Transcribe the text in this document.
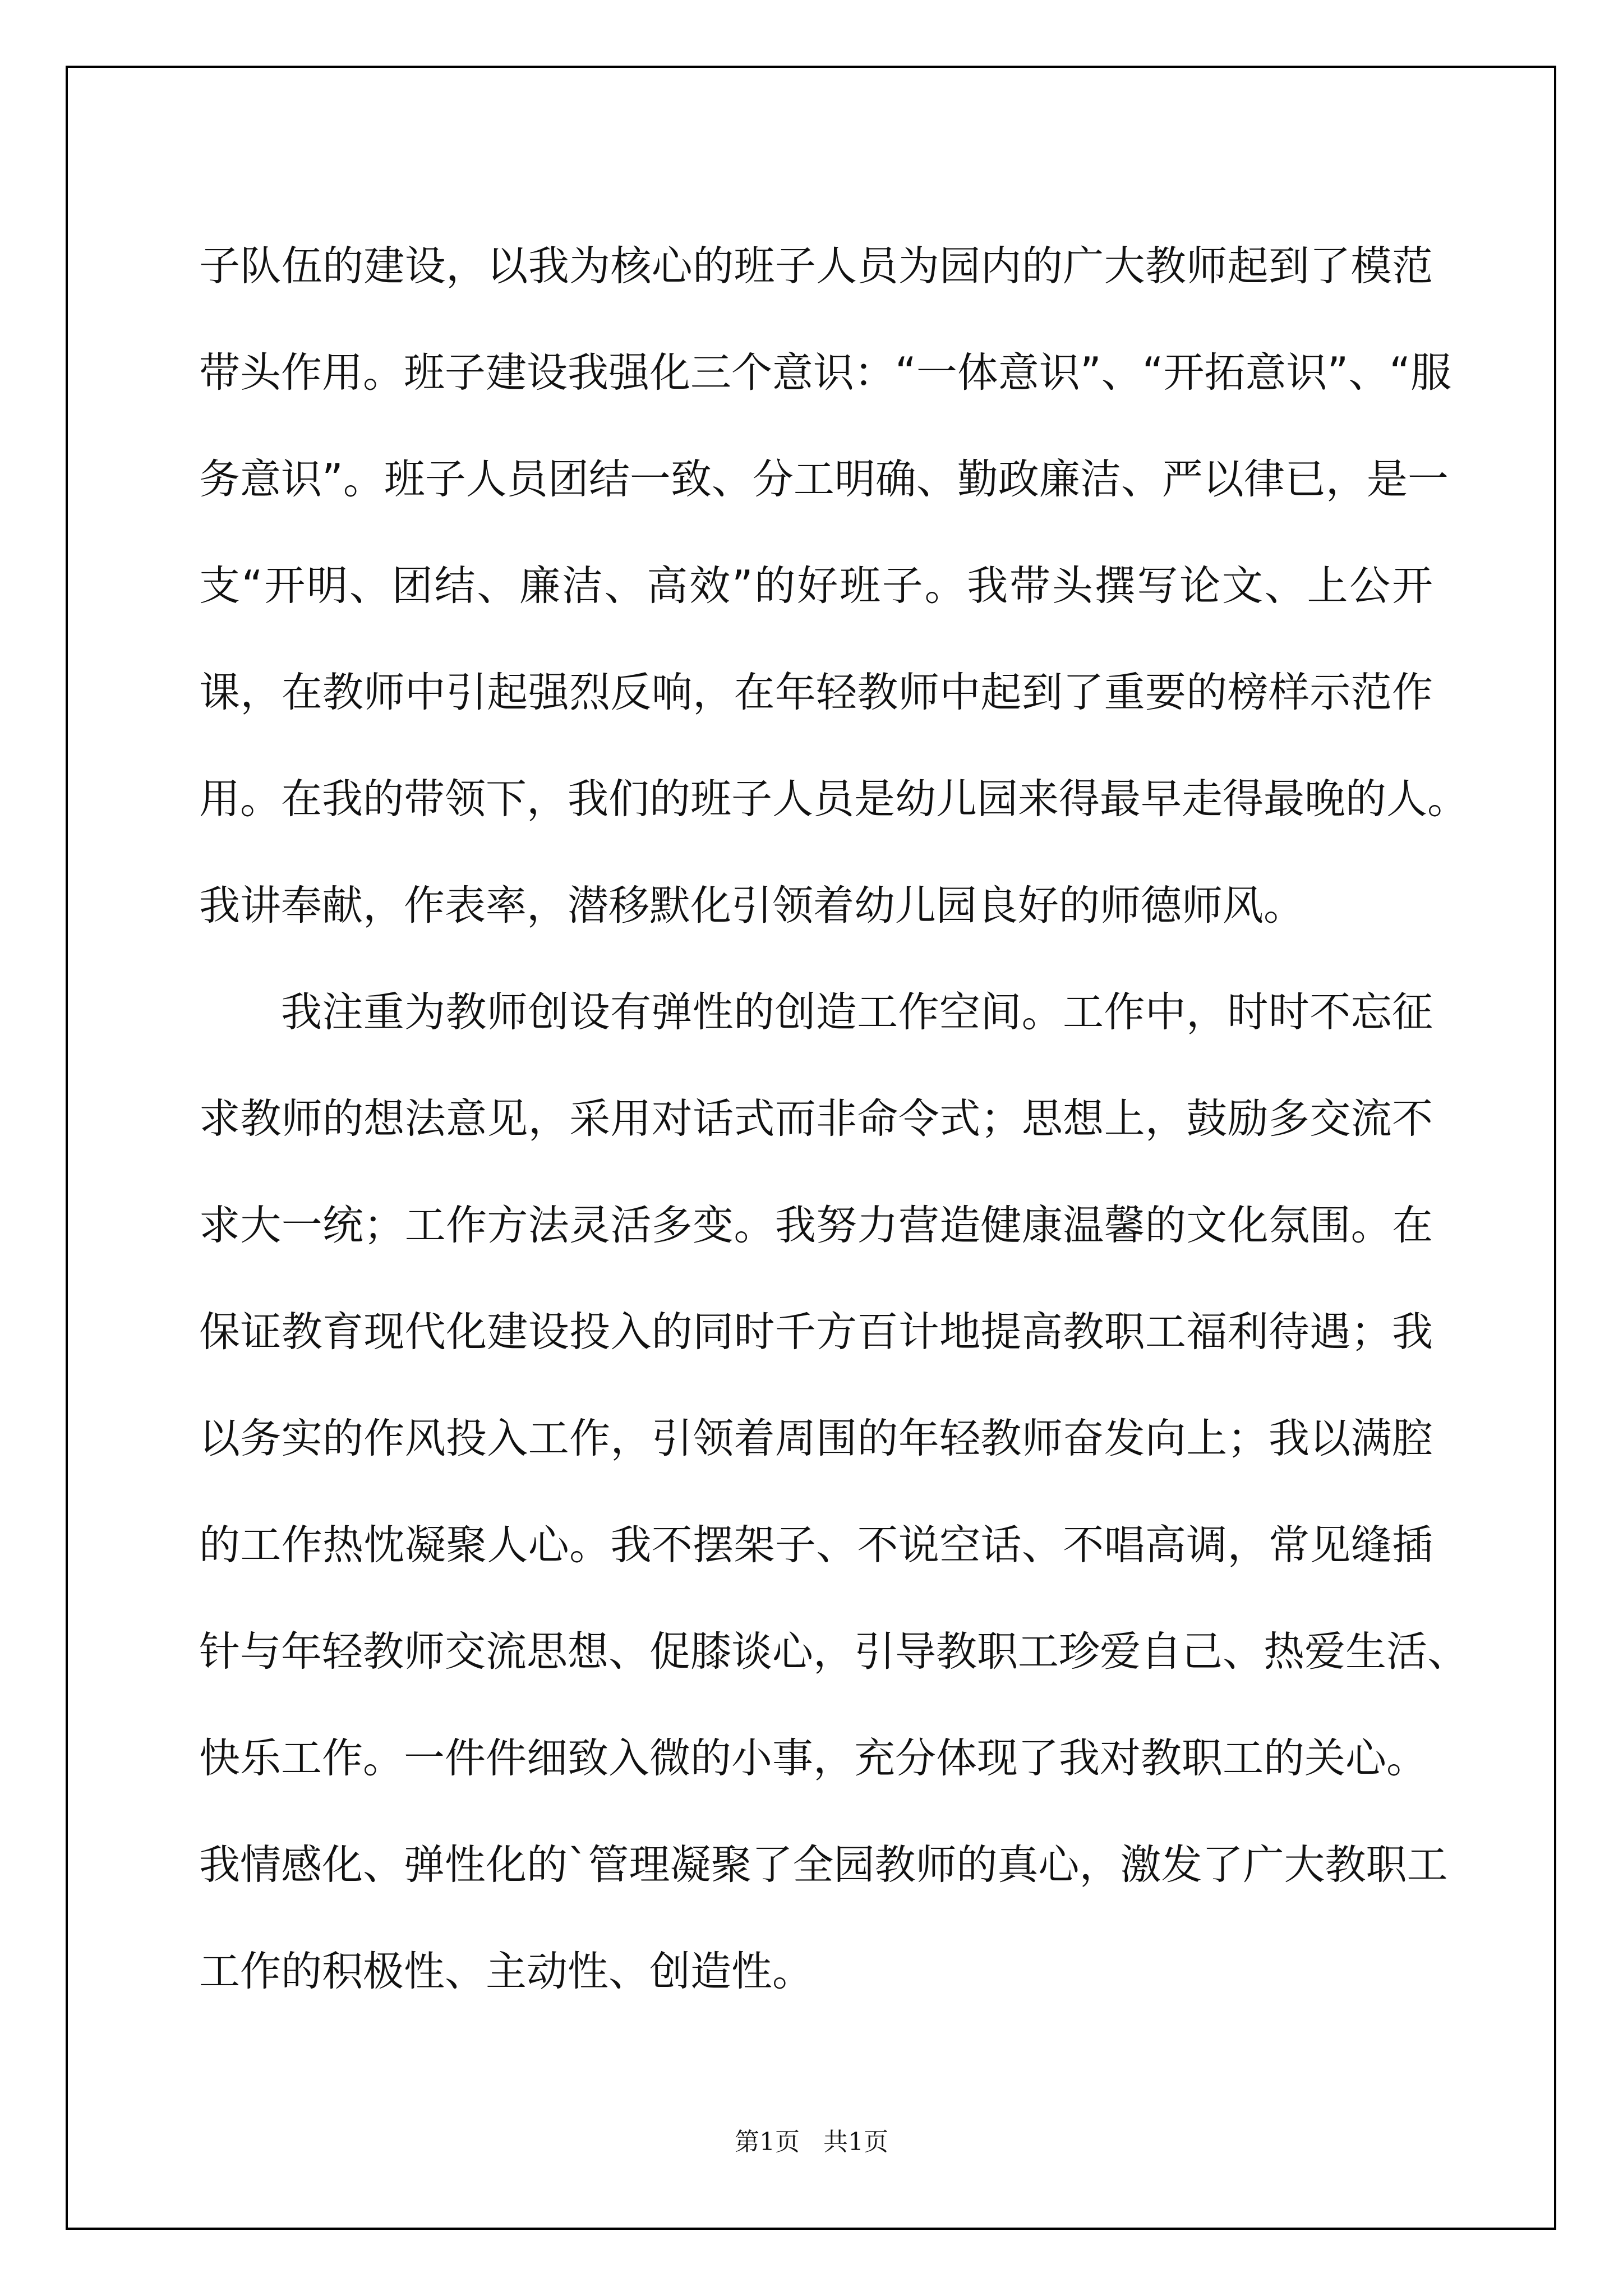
子队伍的建设，以我为核心的班子人员为园内的广大教师起到了模范
带头作用。班子建设我强化三个意识：“一体意识”、“开拓意识”、“服
务意识”。班子人员团结一致、分工明确、勤政廉洁、严以律已，是一
支“开明、团结、廉洁、高效”的好班子。我带头撰写论文、上公开
课，在教师中引起强烈反响，在年轻教师中起到了重要的榜样示范作
用。在我的带领下，我们的班子人员是幼儿园来得最早走得最晚的人。
我讲奉献，作表率，潜移默化引领着幼儿园良好的师德师风。
我注重为教师创设有弹性的创造工作空间。工作中，时时不忘征
求教师的想法意见，采用对话式而非命令式；思想上，鼓励多交流不
求大一统；工作方法灵活多变。我努力营造健康温馨的文化氛围。在
保证教育现代化建设投入的同时千方百计地提高教职工福利待遇；我
以务实的作风投入工作，引领着周围的年轻教师奋发向上；我以满腔
的工作热忱凝聚人心。我不摆架子、不说空话、不唱高调，常见缝插
针与年轻教师交流思想、促膝谈心，引导教职工珍爱自己、热爱生活、
快乐工作。一件件细致入微的小事，充分体现了我对教职工的关心。
我情感化、弹性化的`管理凝聚了全园教师的真心，激发了广大教职工
工作的积极性、主动性、创造性。
第1页   共1页
